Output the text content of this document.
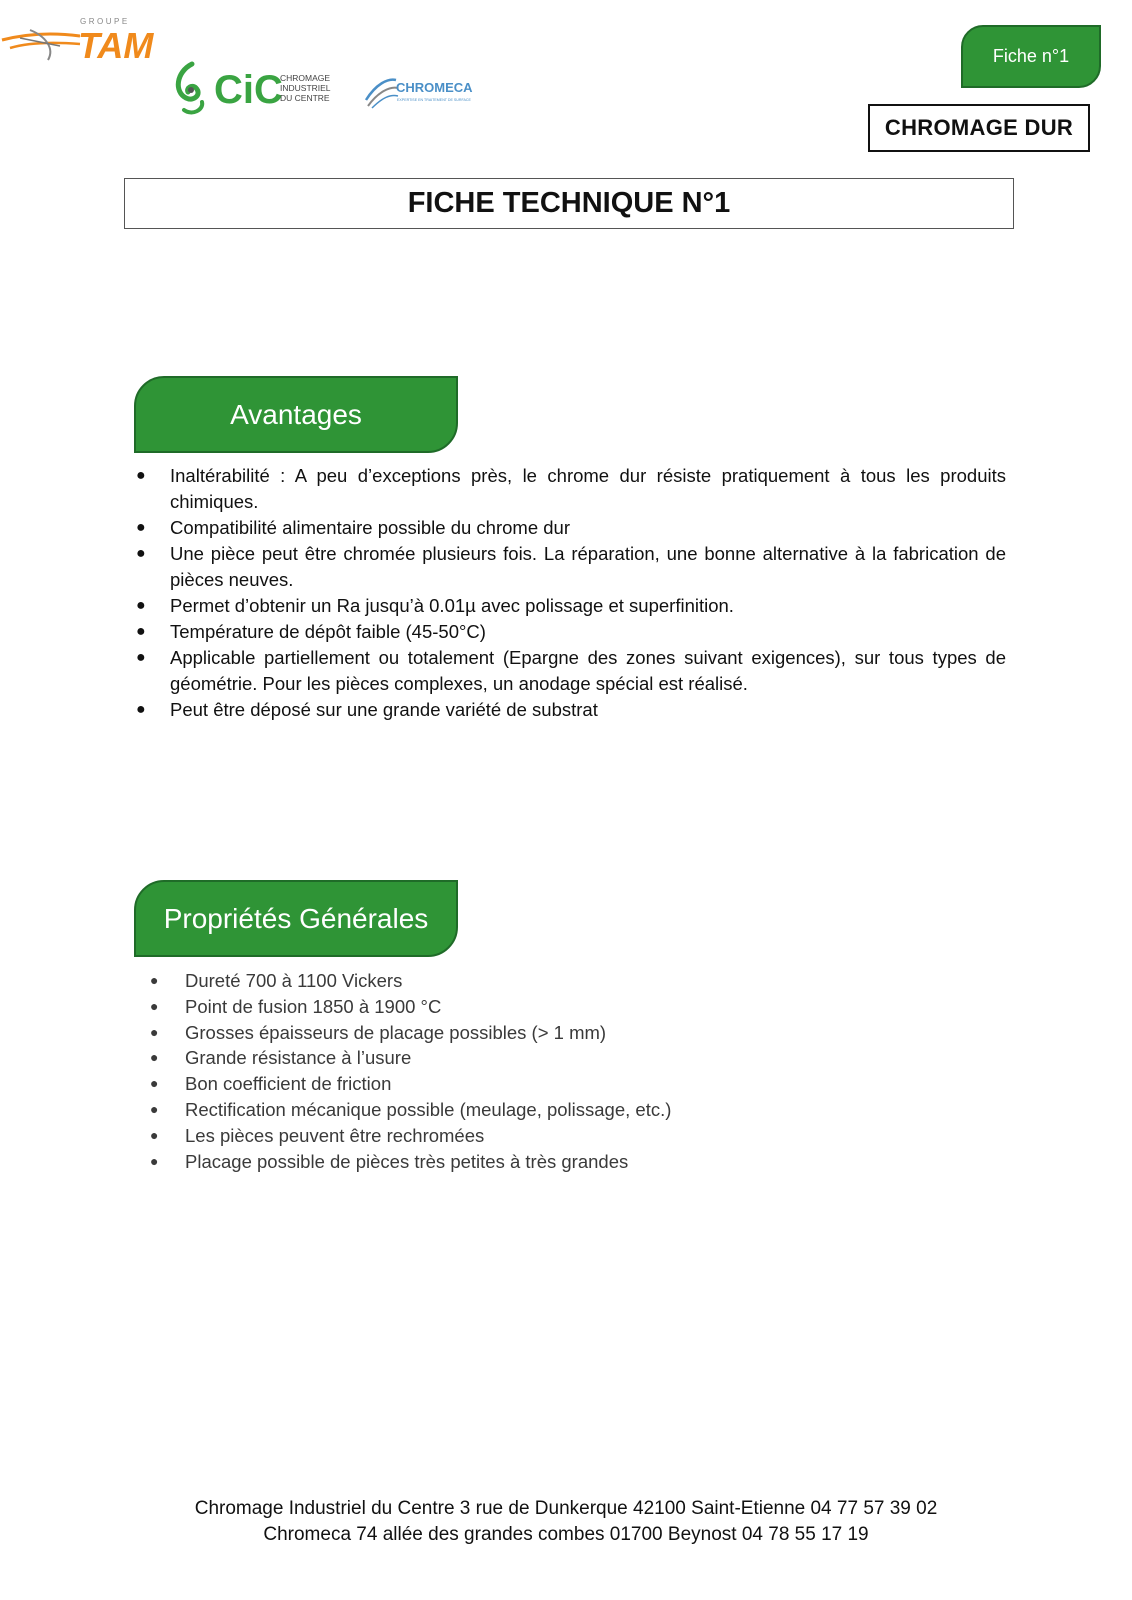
GROUPE
TAM
CiC
CHROMAGE
INDUSTRIEL
DU CENTRE
CHROMECA
EXPERTISE EN TRAITEMENT DE SURFACE
Fiche n°1
CHROMAGE DUR
FICHE TECHNIQUE N°1
Avantages
● Inaltérabilité : A peu d’exceptions près, le chrome dur résiste pratiquement à tous les produits chimiques.
● Compatibilité alimentaire possible du chrome dur
● Une pièce peut être chromée plusieurs fois. La réparation, une bonne alternative à la fabrication de pièces neuves.
● Permet d’obtenir un Ra jusqu’à 0.01µ avec polissage et superfinition.
● Température de dépôt faible (45-50°C)
● Applicable partiellement ou totalement (Epargne des zones suivant exigences), sur tous types de géométrie. Pour les pièces complexes, un anodage spécial est réalisé.
● Peut être déposé sur une grande variété de substrat
Propriétés Générales
● Dureté 700 à 1100 Vickers
● Point de fusion 1850 à 1900 °C
● Grosses épaisseurs de placage possibles (> 1 mm)
● Grande résistance à l’usure
● Bon coefficient de friction
● Rectification mécanique possible (meulage, polissage, etc.)
● Les pièces peuvent être rechromées
● Placage possible de pièces très petites à très grandes
Chromage Industriel du Centre 3 rue de Dunkerque 42100 Saint-Etienne 04 77 57 39 02
Chromeca 74 allée des grandes combes 01700 Beynost 04 78 55 17 19
